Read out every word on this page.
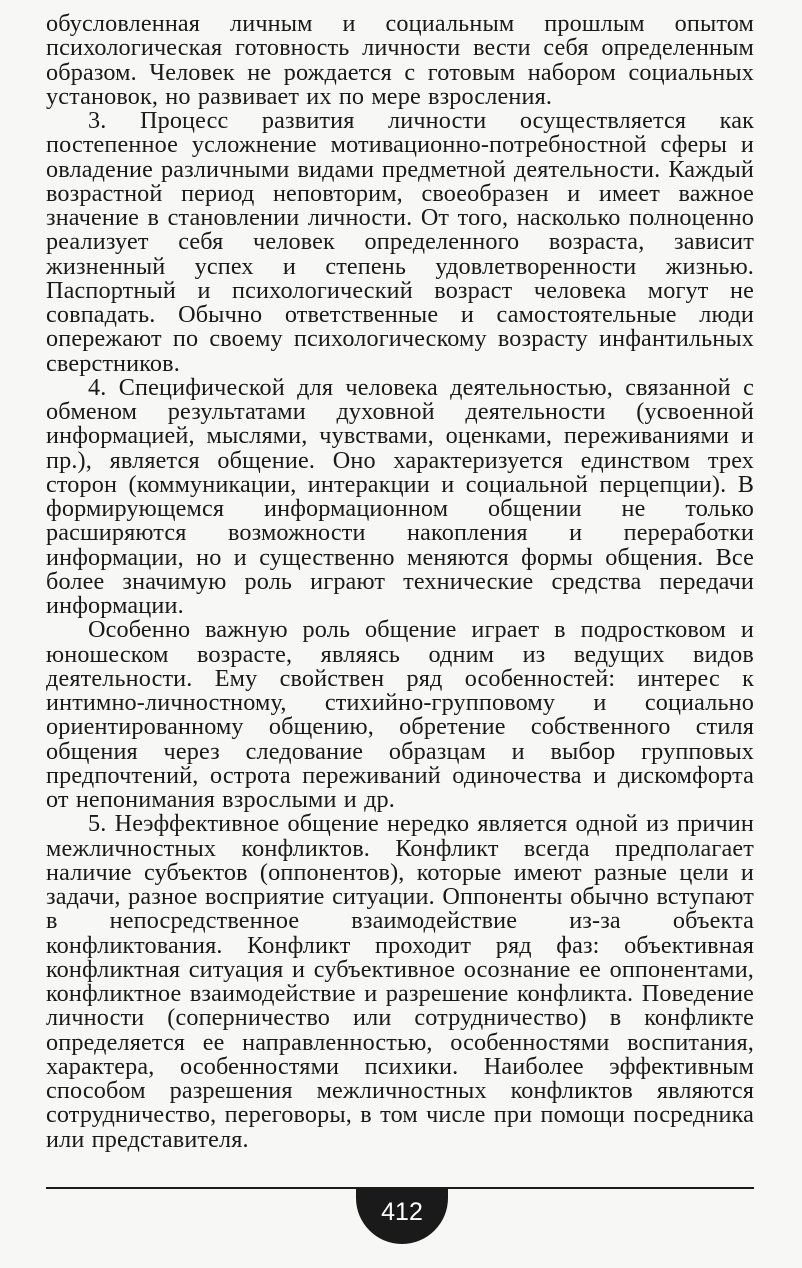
обусловленная личным и социальным прошлым опытом психологическая готовность личности вести себя определенным образом. Человек не рождается с готовым набором социальных установок, но развивает их по мере взросления.

3. Процесс развития личности осуществляется как постепенное усложнение мотивационно-потребностной сферы и овладение различными видами предметной деятельности. Каждый возрастной период неповторим, своеобразен и имеет важное значение в становлении личности. От того, насколько полноценно реализует себя человек определенного возраста, зависит жизненный успех и степень удовлетворенности жизнью. Паспортный и психологический возраст человека могут не совпадать. Обычно ответственные и самостоятельные люди опережают по своему психологическому возрасту инфантильных сверстников.

4. Специфической для человека деятельностью, связанной с обменом результатами духовной деятельности (усвоенной информацией, мыслями, чувствами, оценками, переживаниями и пр.), является общение. Оно характеризуется единством трех сторон (коммуникации, интеракции и социальной перцепции). В формирующемся информационном общении не только расширяются возможности накопления и переработки информации, но и существенно меняются формы общения. Все более значимую роль играют технические средства передачи информации.

Особенно важную роль общение играет в подростковом и юношеском возрасте, являясь одним из ведущих видов деятельности. Ему свойствен ряд особенностей: интерес к интимно-личностному, стихийно-групповому и социально ориентированному общению, обретение собственного стиля общения через следование образцам и выбор групповых предпочтений, острота переживаний одиночества и дискомфорта от непонимания взрослыми и др.

5. Неэффективное общение нередко является одной из причин межличностных конфликтов. Конфликт всегда предполагает наличие субъектов (оппонентов), которые имеют разные цели и задачи, разное восприятие ситуации. Оппоненты обычно вступают в непосредственное взаимодействие из-за объекта конфликтования. Конфликт проходит ряд фаз: объективная конфликтная ситуация и субъективное осознание ее оппонентами, конфликтное взаимодействие и разрешение конфликта. Поведение личности (соперничество или сотрудничество) в конфликте определяется ее направленностью, особенностями воспитания, характера, особенностями психики. Наиболее эффективным способом разрешения межличностных конфликтов являются сотрудничество, переговоры, в том числе при помощи посредника или представителя.

412
